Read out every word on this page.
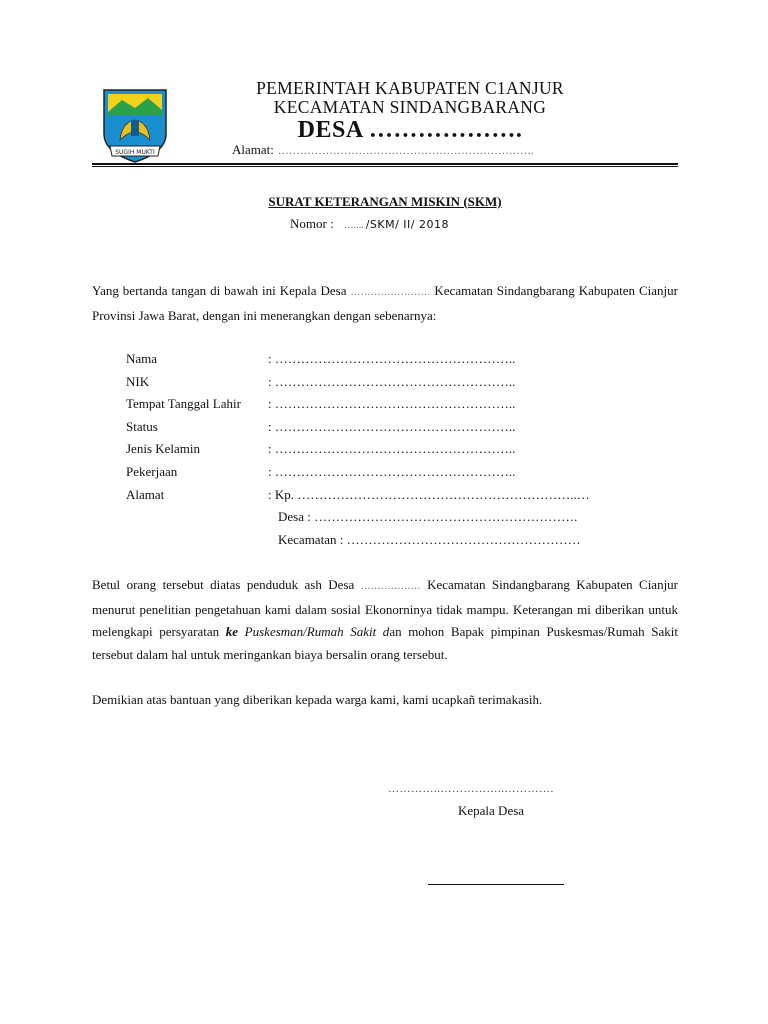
SUGIH MUKTI
PEMERINTAH KABUPATEN C1ANJUR
KECAMATAN SINDANGBARANG
DESA ……………….
Alamat: …………………………………………………………….
SURAT KETERANGAN MISKIN (SKM)
Nomor : ….... /SKM/ II/ 2018
Yang bertanda tangan di bawah ini Kepala Desa …………………… Kecamatan Sindangbarang Kabupaten Cianjur Provinsi Jawa Barat, dengan ini menerangkan dengan sebenarnya:
Nama	: ………………………………………………..
NIK	: ………………………………………………..
Tempat Tanggal Lahir : ………………………………………………..
Status	: ………………………………………………..
Jenis Kelamin	: ………………………………………………..
Pekerjaan	: ………………………………………………..
Alamat	: Kp. ………………………………………………………..…
Desa : …………………………………………………….
Kecamatan : ………………………………………………
Betul orang tersebut diatas penduduk ash Desa ……………… Kecamatan Sindangbarang Kabupaten Cianjur menurut penelitian pengetahuan kami dalam sosial Ekonorninya tidak mampu. Keterangan mi diberikan untuk melengkapi persyaratan ke Puskesman/Rumah Sakit dan mohon Bapak pimpinan Puskesmas/Rumah Sakit tersebut dalam hal untuk meringankan biaya bersalin orang tersebut.
Demikian atas bantuan yang diberikan kepada warga kami, kami ucapkañ terimakasih.
…………..……………..………….
Kepala Desa
